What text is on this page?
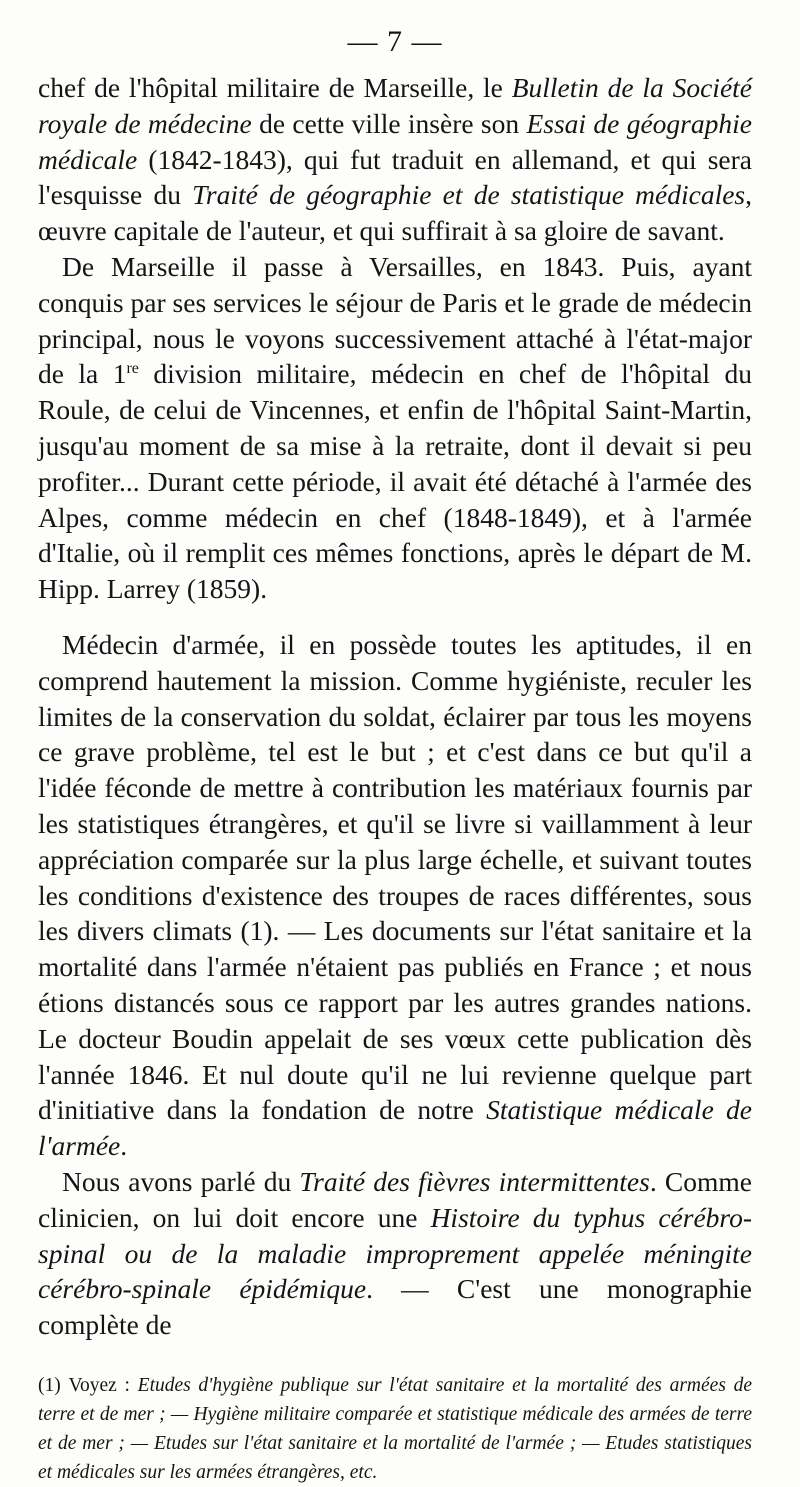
— 7 —

chef de l'hôpital militaire de Marseille, le Bulletin de la Société royale de médecine de cette ville insère son Essai de géographie médicale (1842-1843), qui fut traduit en allemand, et qui sera l'esquisse du Traité de géographie et de statistique médicales, œuvre capitale de l'auteur, et qui suffirait à sa gloire de savant.

De Marseille il passe à Versailles, en 1843. Puis, ayant conquis par ses services le séjour de Paris et le grade de médecin principal, nous le voyons successivement attaché à l'état-major de la 1re division militaire, médecin en chef de l'hôpital du Roule, de celui de Vincennes, et enfin de l'hôpital Saint-Martin, jusqu'au moment de sa mise à la retraite, dont il devait si peu profiter... Durant cette période, il avait été détaché à l'armée des Alpes, comme médecin en chef (1848-1849), et à l'armée d'Italie, où il remplit ces mêmes fonctions, après le départ de M. Hipp. Larrey (1859).

Médecin d'armée, il en possède toutes les aptitudes, il en comprend hautement la mission. Comme hygiéniste, reculer les limites de la conservation du soldat, éclairer par tous les moyens ce grave problème, tel est le but ; et c'est dans ce but qu'il a l'idée féconde de mettre à contribution les matériaux fournis par les statistiques étrangères, et qu'il se livre si vaillamment à leur appréciation comparée sur la plus large échelle, et suivant toutes les conditions d'existence des troupes de races différentes, sous les divers climats (1). — Les documents sur l'état sanitaire et la mortalité dans l'armée n'étaient pas publiés en France ; et nous étions distancés sous ce rapport par les autres grandes nations. Le docteur Boudin appelait de ses vœux cette publication dès l'année 1846. Et nul doute qu'il ne lui revienne quelque part d'initiative dans la fondation de notre Statistique médicale de l'armée.

Nous avons parlé du Traité des fièvres intermittentes. Comme clinicien, on lui doit encore une Histoire du typhus cérébro-spinal ou de la maladie improprement appelée méningite cérébro-spinale épidémique. — C'est une monographie complète de

(1) Voyez : Etudes d'hygiène publique sur l'état sanitaire et la mortalité des armées de terre et de mer ; — Hygiène militaire comparée et statistique médicale des armées de terre et de mer ; — Etudes sur l'état sanitaire et la mortalité de l'armée ; — Etudes statistiques et médicales sur les armées étrangères, etc.
